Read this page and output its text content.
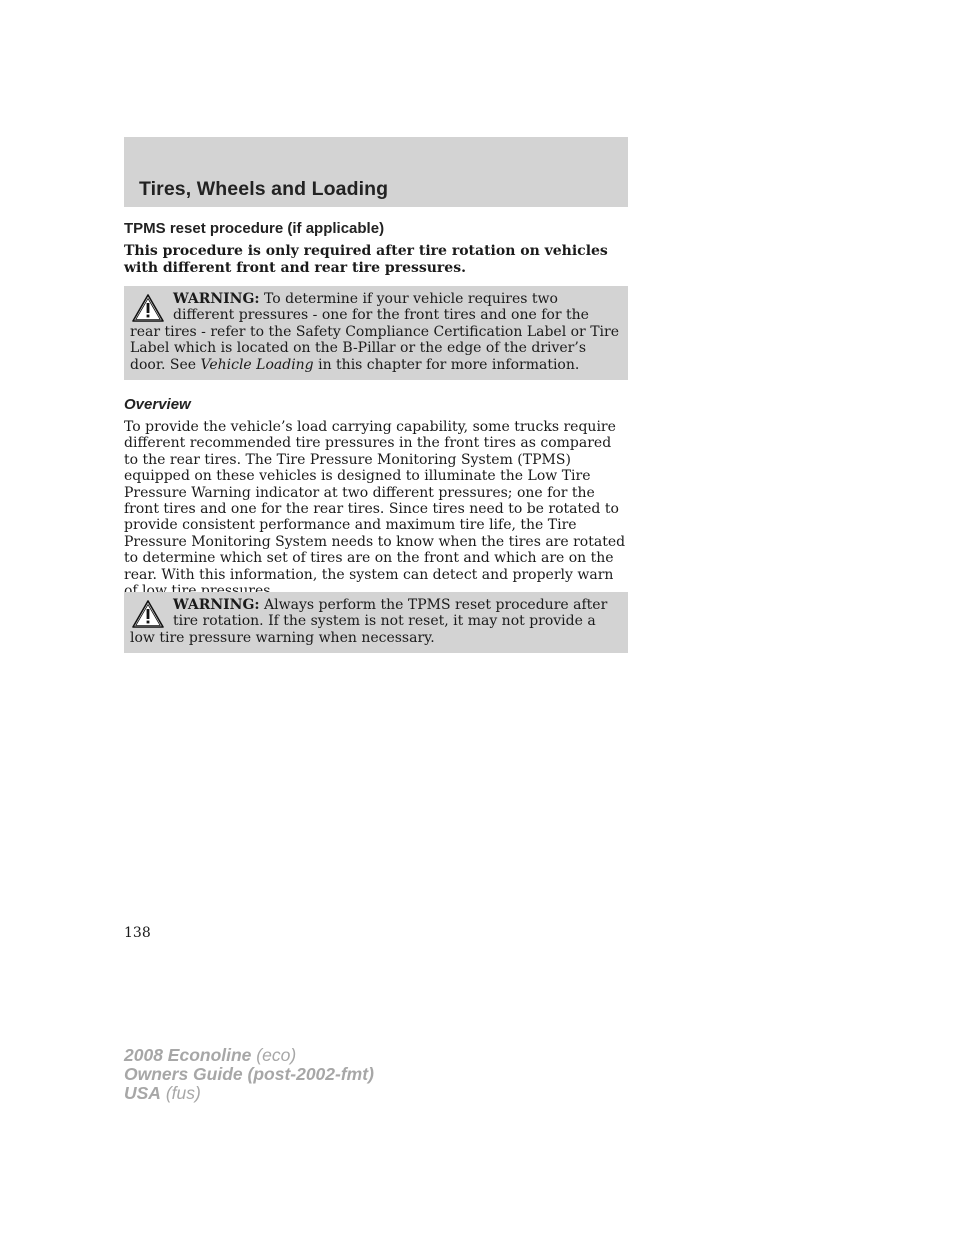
Tires, Wheels and Loading
TPMS reset procedure (if applicable)

This procedure is only required after tire rotation on vehicles with different front and rear tire pressures.

WARNING: To determine if your vehicle requires two different pressures - one for the front tires and one for the rear tires - refer to the Safety Compliance Certification Label or Tire Label which is located on the B-Pillar or the edge of the driver’s door. See Vehicle Loading in this chapter for more information.

Overview

To provide the vehicle’s load carrying capability, some trucks require different recommended tire pressures in the front tires as compared to the rear tires. The Tire Pressure Monitoring System (TPMS) equipped on these vehicles is designed to illuminate the Low Tire Pressure Warning indicator at two different pressures; one for the front tires and one for the rear tires. Since tires need to be rotated to provide consistent performance and maximum tire life, the Tire Pressure Monitoring System needs to know when the tires are rotated to determine which set of tires are on the front and which are on the rear. With this information, the system can detect and properly warn

WARNING: Always perform the TPMS reset procedure after tire rotation. If the system is not reset, it may not provide a low tire pressure warning when necessary.

138

2008 Econoline (eco)
Owners Guide (post-2002-fmt)
USA (fus)
